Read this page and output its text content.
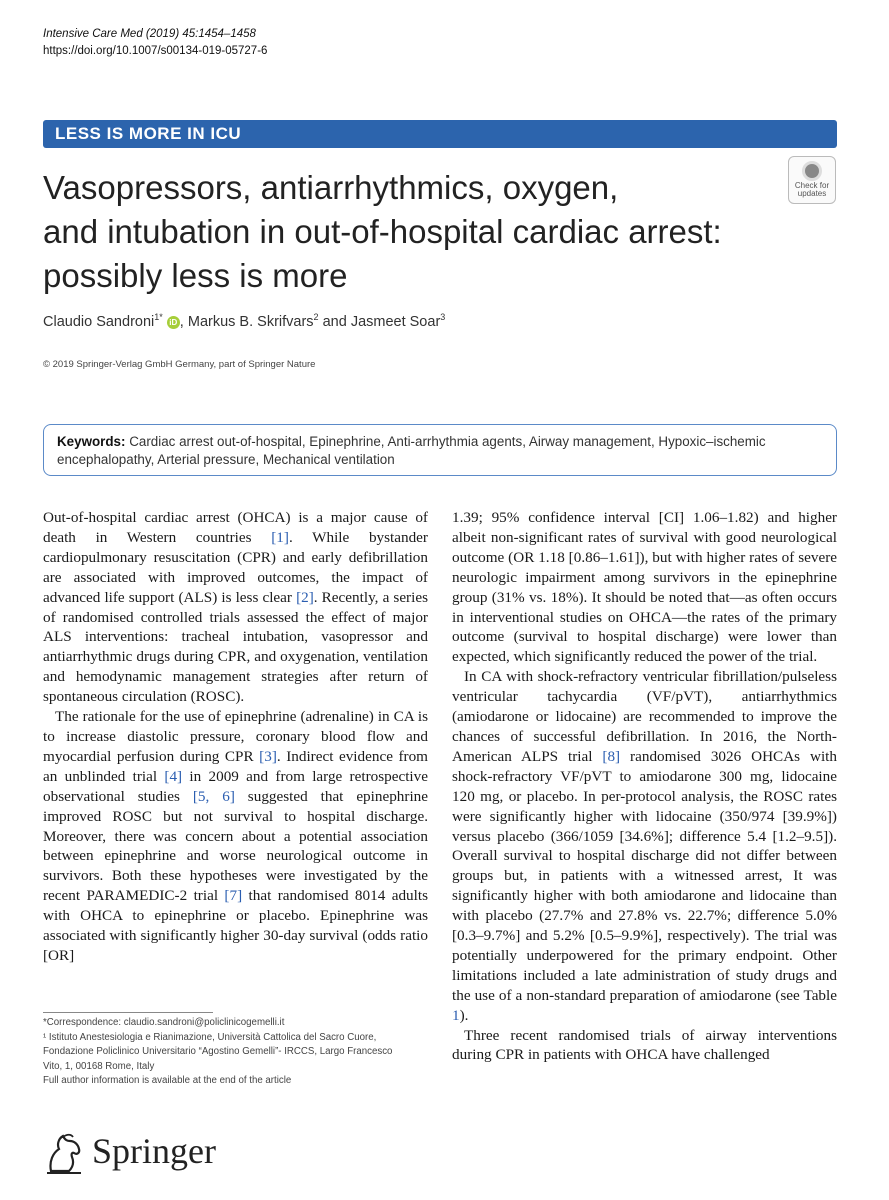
Intensive Care Med (2019) 45:1454–1458
https://doi.org/10.1007/s00134-019-05727-6
LESS IS MORE IN ICU
Vasopressors, antiarrhythmics, oxygen,
and intubation in out-of-hospital cardiac arrest:
possibly less is more
Check for
updates
Claudio Sandroni$^{1*}$ iD , Markus B. Skrifvars$^2$ and Jasmeet Soar$^3$
© 2019 Springer-Verlag GmbH Germany, part of Springer Nature
Keywords: Cardiac arrest out-of-hospital, Epinephrine, Anti-arrhythmia agents, Airway management, Hypoxic–ischemic encephalopathy, Arterial pressure, Mechanical ventilation

Out-of-hospital cardiac arrest (OHCA) is a major cause of death in Western countries [1]. While bystander cardiopulmonary resuscitation (CPR) and early defibrillation are associated with improved outcomes, the impact of advanced life support (ALS) is less clear [2]. Recently, a series of randomised controlled trials assessed the effect of major ALS interventions: tracheal intubation, vasopressor and antiarrhythmic drugs during CPR, and oxygenation, ventilation and hemodynamic management strategies after return of spontaneous circulation (ROSC).

The rationale for the use of epinephrine (adrenaline) in CA is to increase diastolic pressure, coronary blood flow and myocardial perfusion during CPR [3]. Indirect evidence from an unblinded trial [4] in 2009 and from large retrospective observational studies [5, 6] suggested that epinephrine improved ROSC but not survival to hospital discharge. Moreover, there was concern about a potential association between epinephrine and worse neurological outcome in survivors. Both these hypotheses were investigated by the recent PARAMEDIC-2 trial [7] that randomised 8014 adults with OHCA to epinephrine or placebo. Epinephrine was associated with significantly higher 30-day survival (odds ratio [OR]

1.39; 95% confidence interval [CI] 1.06–1.82) and higher albeit non-significant rates of survival with good neurological outcome (OR 1.18 [0.86–1.61]), but with higher rates of severe neurologic impairment among survivors in the epinephrine group (31% vs. 18%). It should be noted that—as often occurs in interventional studies on OHCA—the rates of the primary outcome (survival to hospital discharge) were lower than expected, which significantly reduced the power of the trial.

In CA with shock-refractory ventricular fibrillation/pulseless ventricular tachycardia (VF/pVT), antiarrhythmics (amiodarone or lidocaine) are recommended to improve the chances of successful defibrillation. In 2016, the North-American ALPS trial [8] randomised 3026 OHCAs with shock-refractory VF/pVT to amiodarone 300 mg, lidocaine 120 mg, or placebo. In per-protocol analysis, the ROSC rates were significantly higher with lidocaine (350/974 [39.9%]) versus placebo (366/1059 [34.6%]; difference 5.4 [1.2–9.5]). Overall survival to hospital discharge did not differ between groups but, in patients with a witnessed arrest, It was significantly higher with both amiodarone and lidocaine than with placebo (27.7% and 27.8% vs. 22.7%; difference 5.0% [0.3–9.7%] and 5.2% [0.5–9.9%], respectively). The trial was potentially underpowered for the primary endpoint. Other limitations included a late administration of study drugs and the use of a non-standard preparation of amiodarone (see Table 1).

Three recent randomised trials of airway interventions during CPR in patients with OHCA have challenged

*Correspondence: claudio.sandroni@policlinicogemelli.it
¹ Istituto Anestesiologia e Rianimazione, Università Cattolica del Sacro Cuore, Fondazione Policlinico Universitario “Agostino Gemelli”- IRCCS, Largo Francesco Vito, 1, 00168 Rome, Italy
Full author information is available at the end of the article
Springer
